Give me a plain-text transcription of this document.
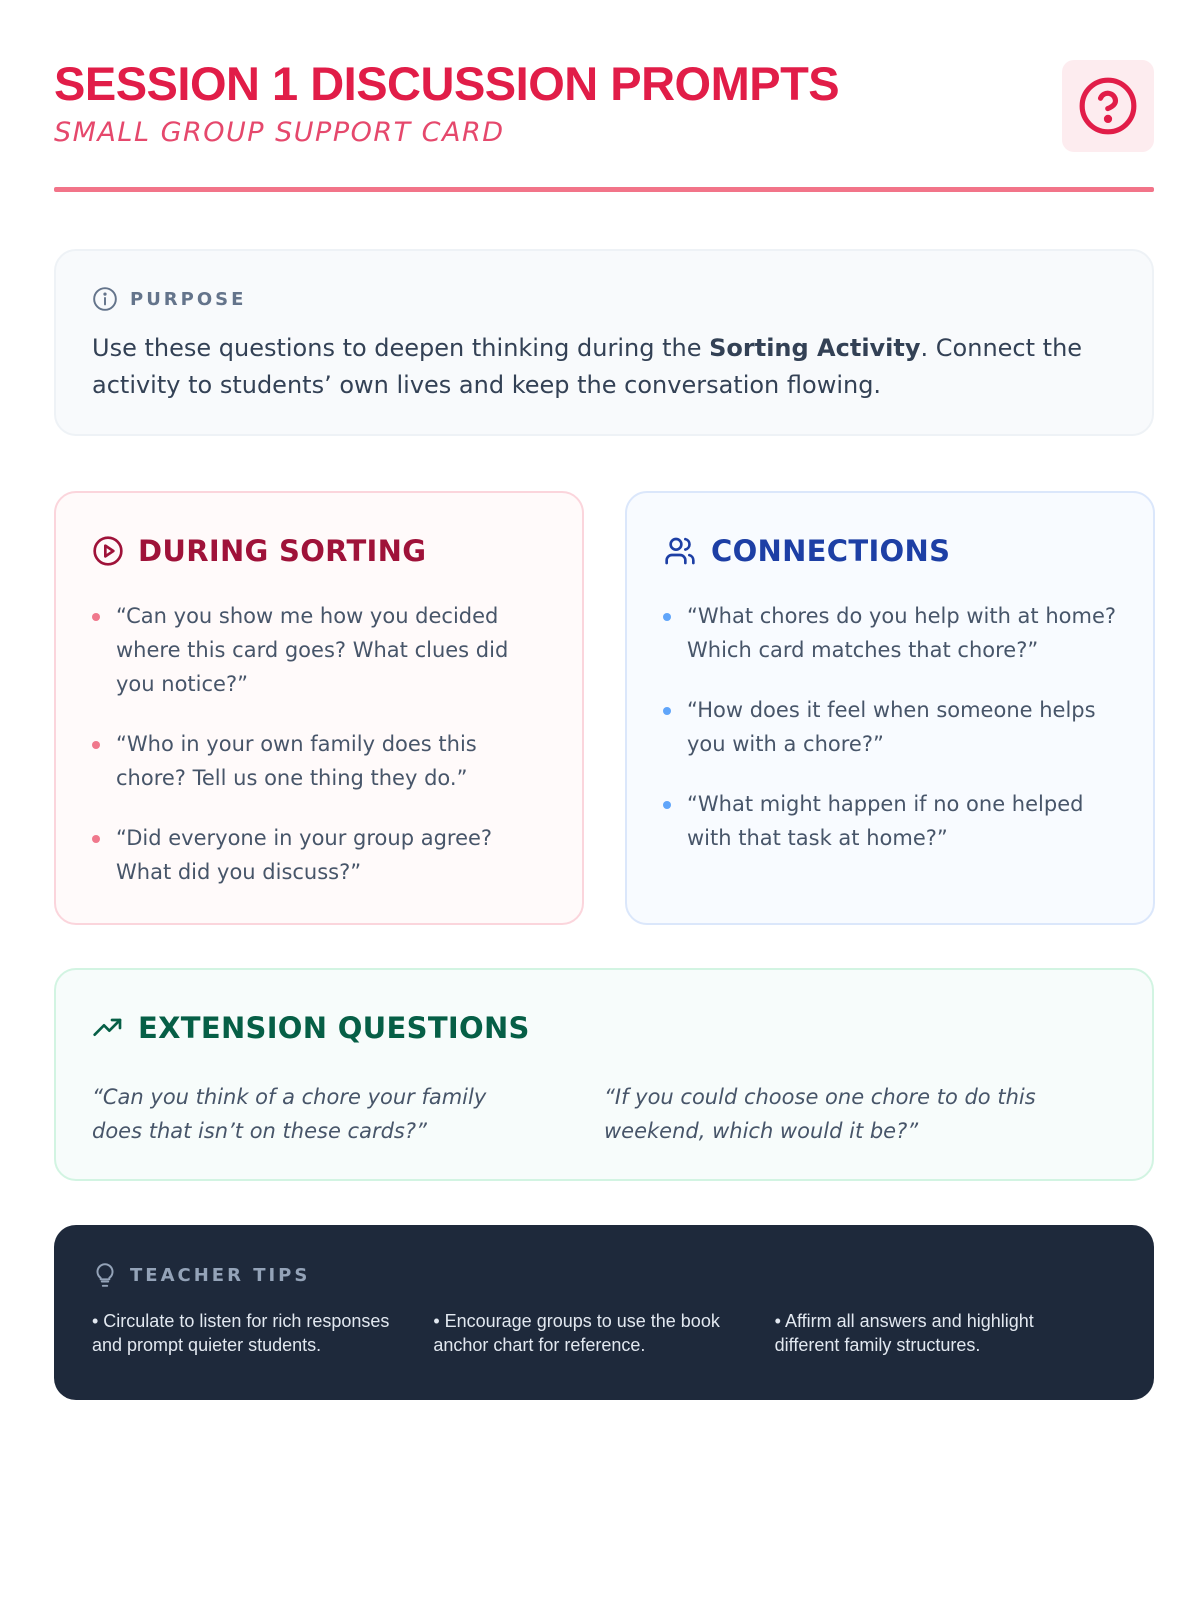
SESSION 1 DISCUSSION PROMPTS
SMALL GROUP SUPPORT CARD
PURPOSE

Use these questions to deepen thinking during the Sorting Activity. Connect the activity to students’ own lives and keep the conversation flowing.

DURING SORTING
“Can you show me how you decided where this card goes? What clues did you notice?”
“Who in your own family does this chore? Tell us one thing they do.”
“Did everyone in your group agree? What did you discuss?”
CONNECTIONS
“What chores do you help with at home? Which card matches that chore?”
“How does it feel when someone helps you with a chore?”
“What might happen if no one helped with that task at home?”
EXTENSION QUESTIONS

“Can you think of a chore your family does that isn’t on these cards?”

“If you could choose one chore to do this weekend, which would it be?”

TEACHER TIPS

• Circulate to listen for rich responses and prompt quieter students.

• Encourage groups to use the book anchor chart for reference.

• Affirm all answers and highlight different family structures.
